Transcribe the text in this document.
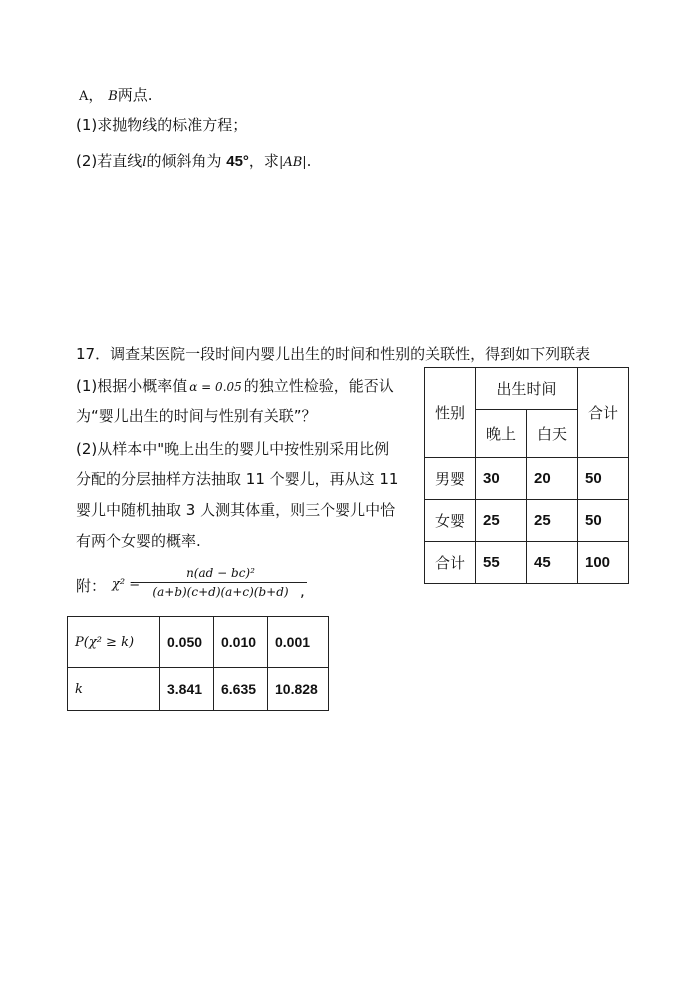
A， B两点.
(1)求抛物线的标准方程；
(2)若直线l的倾斜角为 45°，求|AB|.
17．调查某医院一段时间内婴儿出生的时间和性别的关联性，得到如下列联表
(1)根据小概率值 α = 0.05 的独立性检验，能否认
为“婴儿出生的时间与性别有关联”？
(2)从样本中"晚上出生的婴儿中按性别采用比例
分配的分层抽样方法抽取 11 个婴儿，再从这 11
婴儿中随机抽取 3 人测其体重，则三个婴儿中恰
有两个女婴的概率.
附： χ² =
n(ad − bc)²
(a+b)(c+d)(a+c)(b+d) ,
性别	出生时间		合计
	晚上	白天	
男婴	30	20	50
女婴	25	25	50
合计	55	45	100
P(χ² ≥ k)	0.050	0.010	0.001
k	3.841	6.635	10.828
